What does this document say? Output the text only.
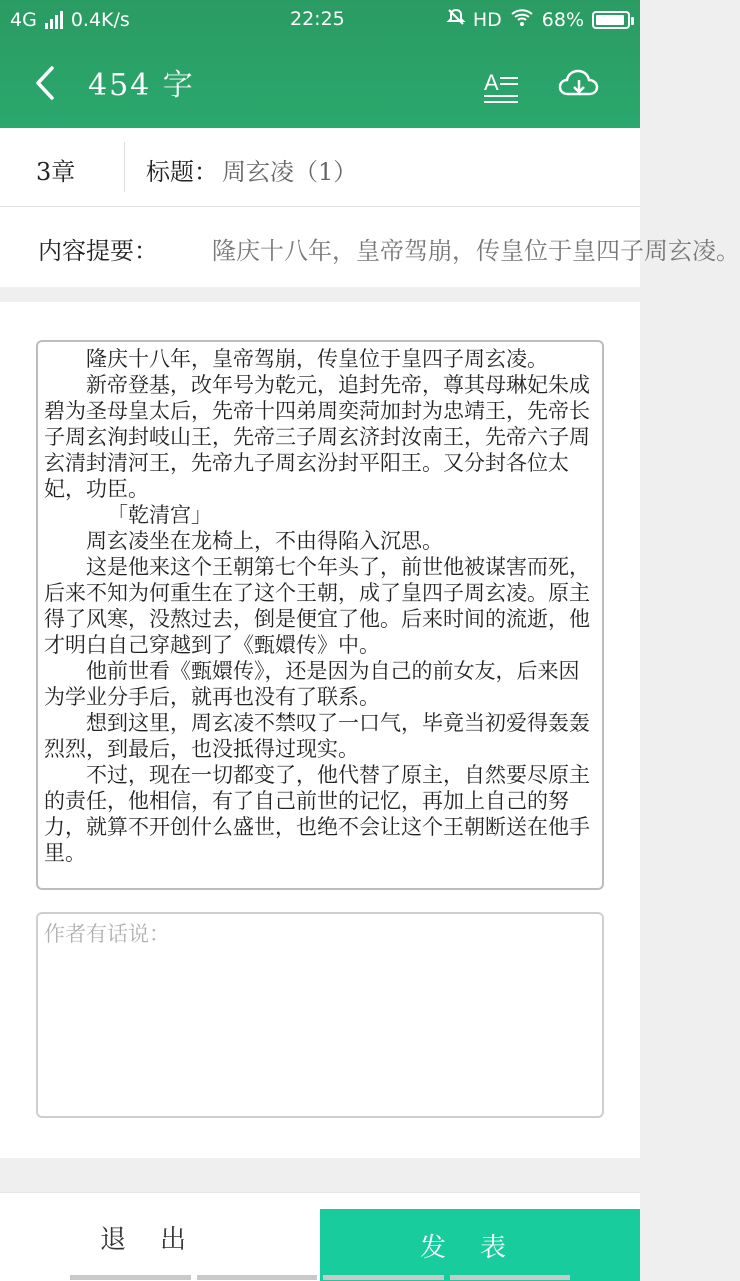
4G 0.4K/s	22:25	HD 68%
454 字	A
3章	标题： 周玄凌（1）
内容提要： 隆庆十八年，皇帝驾崩，传皇位于皇四子周玄凌。

隆庆十八年，皇帝驾崩，传皇位于皇四子周玄凌。

新帝登基，改年号为乾元，追封先帝，尊其母琳妃朱成碧为圣母皇太后，先帝十四弟周奕菏加封为忠靖王，先帝长子周玄洵封岐山王，先帝三子周玄济封汝南王，先帝六子周玄清封清河王，先帝九子周玄汾封平阳王。又分封各位太妃，功臣。

「乾清宫」

周玄凌坐在龙椅上，不由得陷入沉思。

这是他来这个王朝第七个年头了，前世他被谋害而死，后来不知为何重生在了这个王朝，成了皇四子周玄凌。原主得了风寒，没熬过去，倒是便宜了他。后来时间的流逝，他才明白自己穿越到了《甄嬛传》中。

他前世看《甄嬛传》，还是因为自己的前女友，后来因为学业分手后，就再也没有了联系。

想到这里，周玄凌不禁叹了一口气，毕竟当初爱得轰轰烈烈，到最后，也没抵得过现实。

不过，现在一切都变了，他代替了原主，自然要尽原主的责任，他相信，有了自己前世的记忆，再加上自己的努力，就算不开创什么盛世，也绝不会让这个王朝断送在他手里。

作者有话说：
退出	发表
